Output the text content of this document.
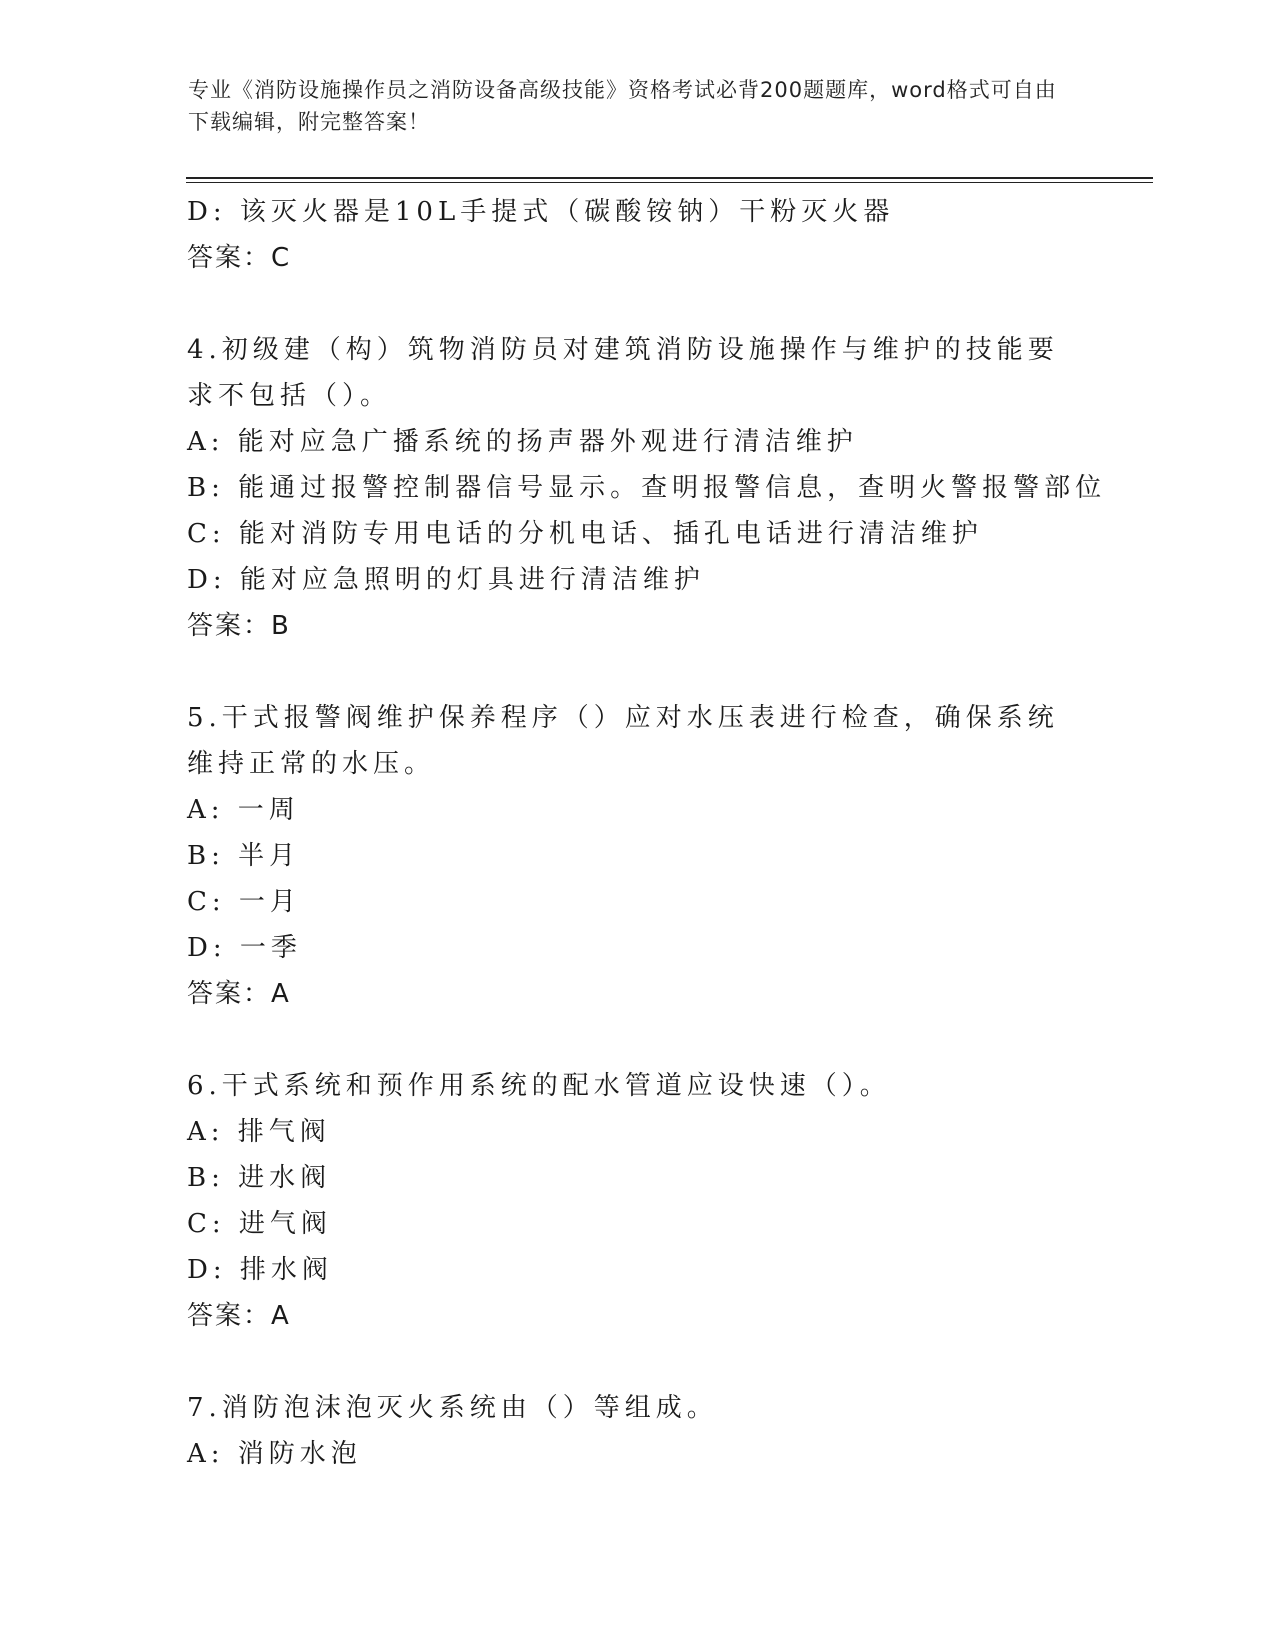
专业《消防设施操作员之消防设备高级技能》资格考试必背200题题库，word格式可自由下载编辑，附完整答案！
D: 该灭火器是10L手提式（碳酸铵钠）干粉灭火器
答案：C
4.初级建（构）筑物消防员对建筑消防设施操作与维护的技能要求不包括（）。
A: 能对应急广播系统的扬声器外观进行清洁维护
B: 能通过报警控制器信号显示。查明报警信息，查明火警报警部位
C: 能对消防专用电话的分机电话、插孔电话进行清洁维护
D: 能对应急照明的灯具进行清洁维护
答案：B
5.干式报警阀维护保养程序（）应对水压表进行检查，确保系统维持正常的水压。
A: 一周
B: 半月
C: 一月
D: 一季
答案：A
6.干式系统和预作用系统的配水管道应设快速（）。
A: 排气阀
B: 进水阀
C: 进气阀
D: 排水阀
答案：A
7.消防泡沫泡灭火系统由（）等组成。
A: 消防水泡
